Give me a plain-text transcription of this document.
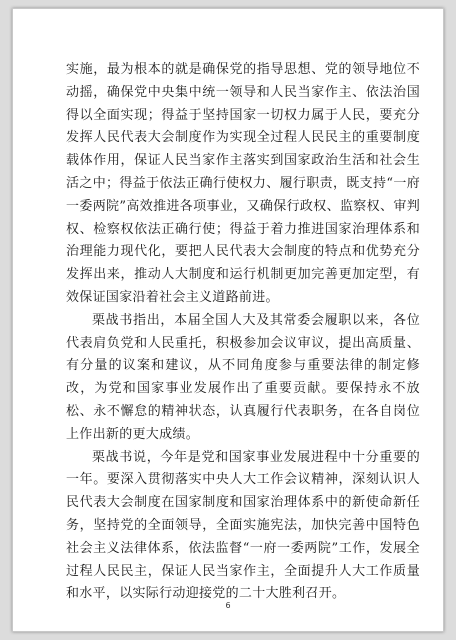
实施，最为根本的就是确保党的指导思想、党的领导地位不动摇，确保党中央集中统一领导和人民当家作主、依法治国得以全面实现；得益于坚持国家一切权力属于人民，要充分发挥人民代表大会制度作为实现全过程人民民主的重要制度载体作用，保证人民当家作主落实到国家政治生活和社会生活之中；得益于依法正确行使权力、履行职责，既支持“一府一委两院”高效推进各项事业，又确保行政权、监察权、审判权、检察权依法正确行使；得益于着力推进国家治理体系和治理能力现代化，要把人民代表大会制度的特点和优势充分发挥出来，推动人大制度和运行机制更加完善更加定型，有效保证国家沿着社会主义道路前进。

栗战书指出，本届全国人大及其常委会履职以来，各位代表肩负党和人民重托，积极参加会议审议，提出高质量、有分量的议案和建议，从不同角度参与重要法律的制定修改，为党和国家事业发展作出了重要贡献。要保持永不放松、永不懈怠的精神状态，认真履行代表职务，在各自岗位上作出新的更大成绩。

栗战书说，今年是党和国家事业发展进程中十分重要的一年。要深入贯彻落实中央人大工作会议精神，深刻认识人民代表大会制度在国家制度和国家治理体系中的新使命新任务，坚持党的全面领导，全面实施宪法，加快完善中国特色社会主义法律体系，依法监督“一府一委两院”工作，发展全过程人民民主，保证人民当家作主，全面提升人大工作质量和水平，以实际行动迎接党的二十大胜利召开。

6
